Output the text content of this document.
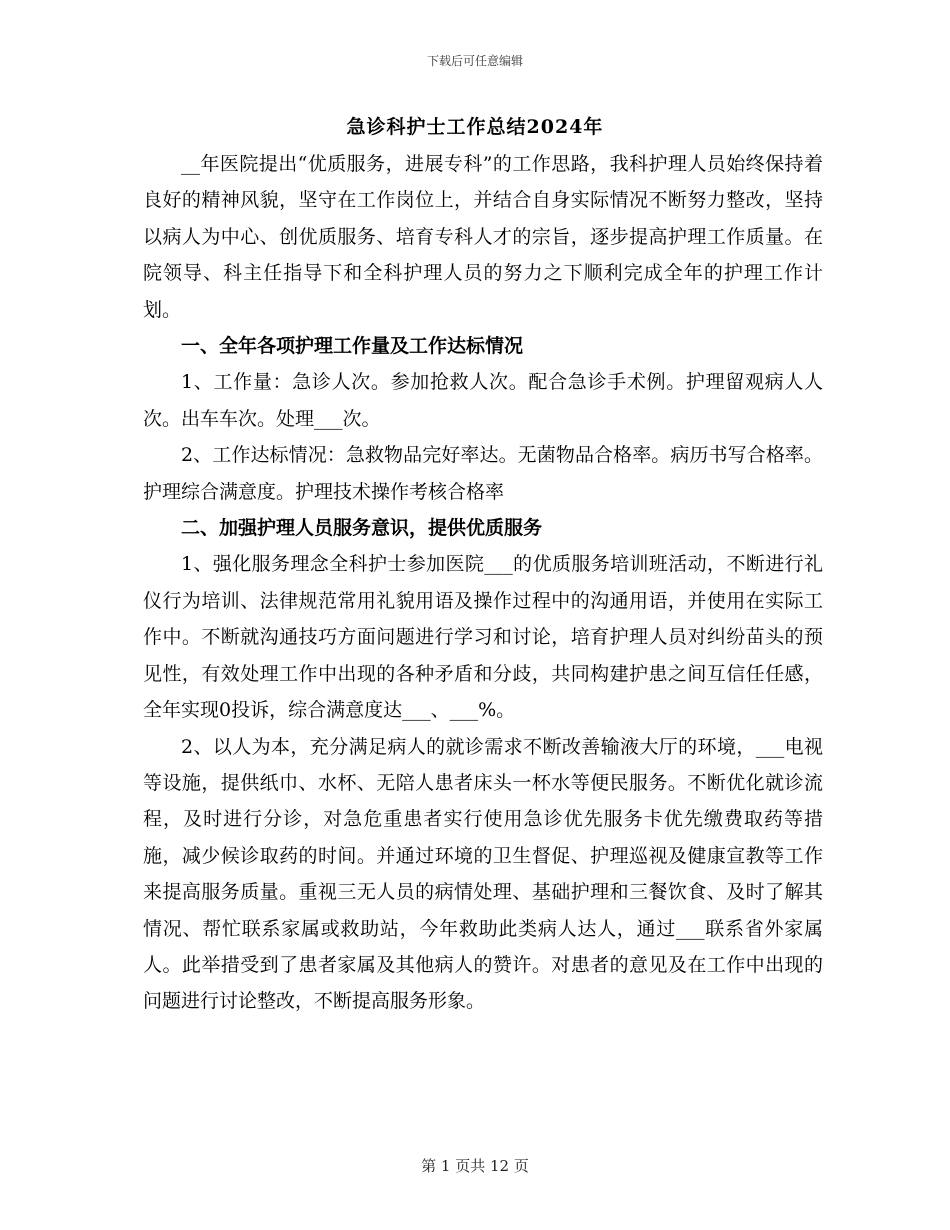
下载后可任意编辑
急诊科护士工作总结2024年

__年医院提出“优质服务，进展专科”的工作思路，我科护理人员始终保持着良好的精神风貌，坚守在工作岗位上，并结合自身实际情况不断努力整改，坚持以病人为中心、创优质服务、培育专科人才的宗旨，逐步提高护理工作质量。在院领导、科主任指导下和全科护理人员的努力之下顺利完成全年的护理工作计划。

一、全年各项护理工作量及工作达标情况

1、工作量：急诊人次。参加抢救人次。配合急诊手术例。护理留观病人人次。出车车次。处理___次。

2、工作达标情况：急救物品完好率达。无菌物品合格率。病历书写合格率。护理综合满意度。护理技术操作考核合格率

二、加强护理人员服务意识，提供优质服务

1、强化服务理念全科护士参加医院___的优质服务培训班活动，不断进行礼仪行为培训、法律规范常用礼貌用语及操作过程中的沟通用语，并使用在实际工作中。不断就沟通技巧方面问题进行学习和讨论，培育护理人员对纠纷苗头的预见性，有效处理工作中出现的各种矛盾和分歧，共同构建护患之间互信任任感，全年实现0投诉，综合满意度达___、___%。

2、以人为本，充分满足病人的就诊需求不断改善输液大厅的环境，___电视等设施，提供纸巾、水杯、无陪人患者床头一杯水等便民服务。不断优化就诊流程，及时进行分诊，对急危重患者实行使用急诊优先服务卡优先缴费取药等措施，减少候诊取药的时间。并通过环境的卫生督促、护理巡视及健康宣教等工作来提高服务质量。重视三无人员的病情处理、基础护理和三餐饮食、及时了解其情况、帮忙联系家属或救助站，今年救助此类病人达人，通过___联系省外家属人。此举措受到了患者家属及其他病人的赞许。对患者的意见及在工作中出现的问题进行讨论整改，不断提高服务形象。

第 1 页共 12 页
